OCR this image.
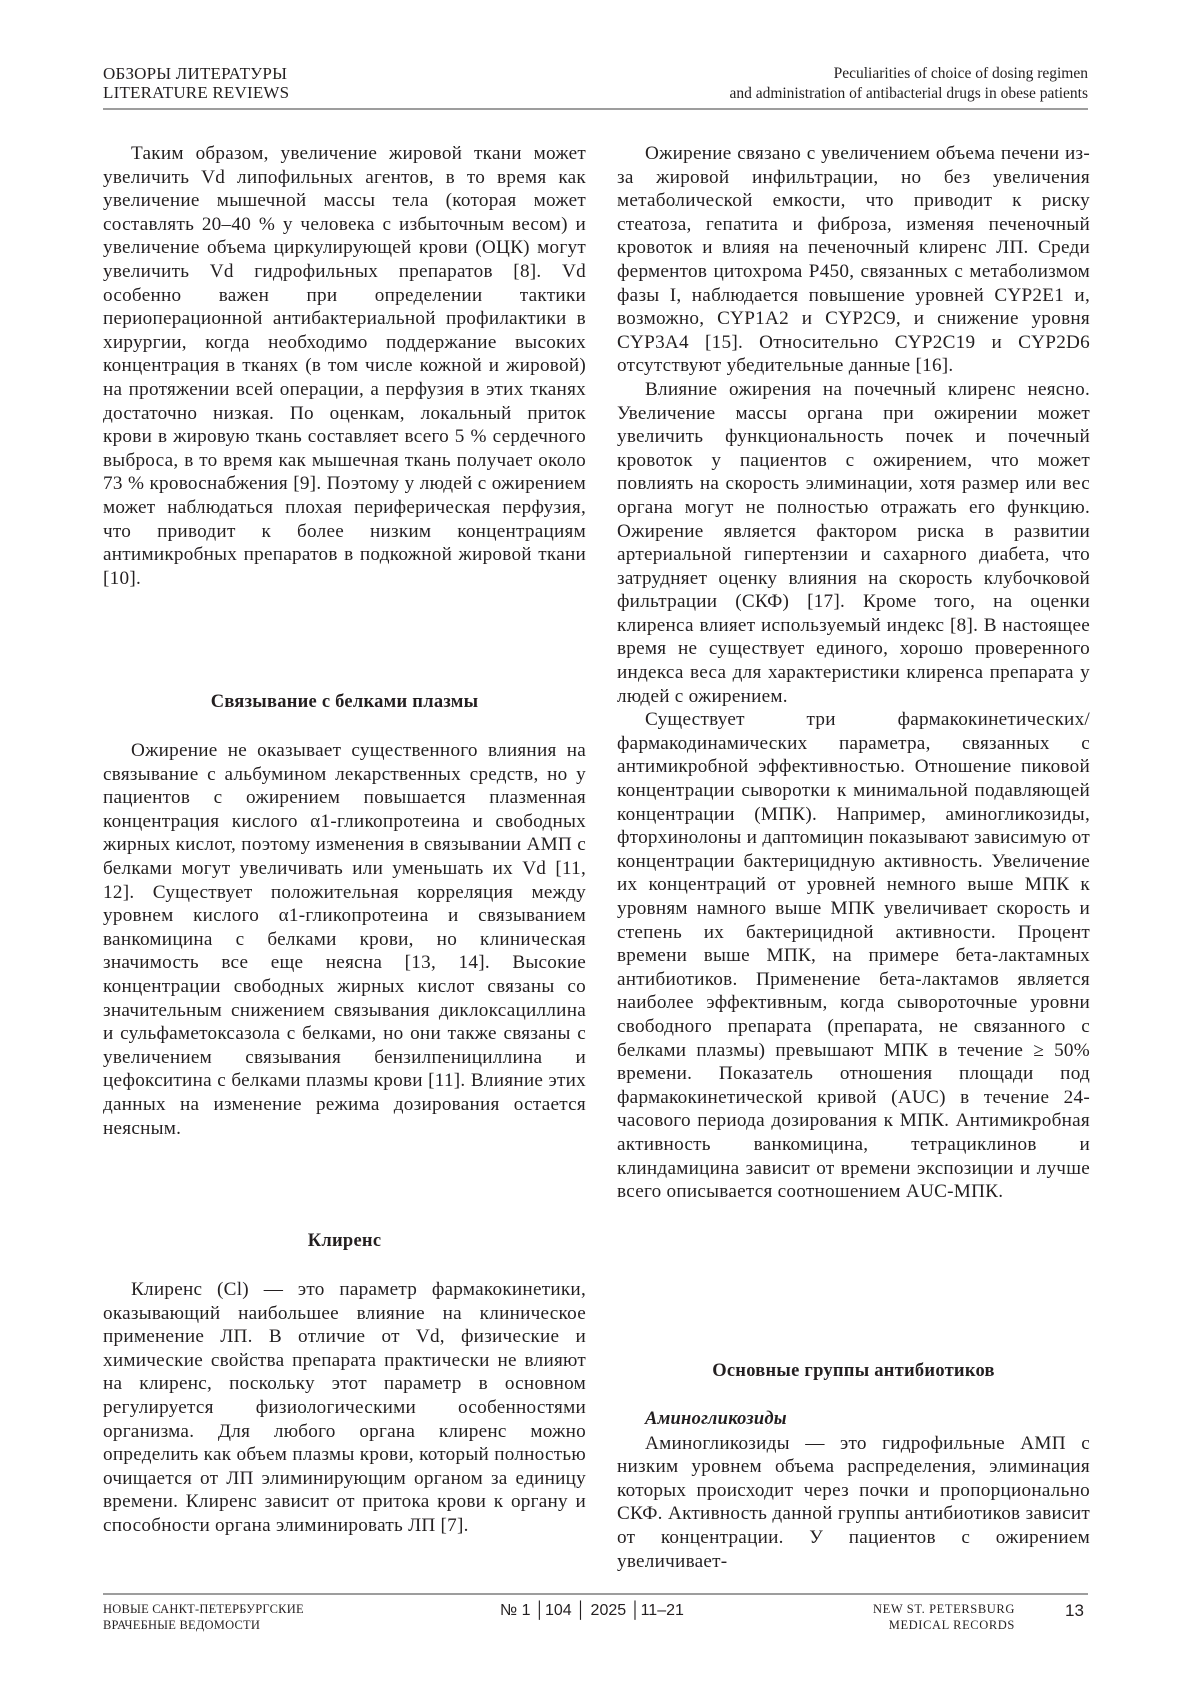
ОБЗОРЫ ЛИТЕРАТУРЫ
LITERATURE REVIEWS
Peculiarities of choice of dosing regimen
and administration of antibacterial drugs in obese patients

Таким образом, увеличение жировой ткани может увеличить Vd липофильных агентов, в то время как увеличение мышечной массы тела (которая может составлять 20–40 % у человека с избыточным весом) и увеличение объема циркулирующей крови (ОЦК) могут увеличить Vd гидрофильных препаратов [8]. Vd особенно важен при определении тактики периоперационной антибактериальной профилактики в хирургии, когда необходимо поддержание высоких концентрация в тканях (в том числе кожной и жировой) на протяжении всей операции, а перфузия в этих тканях достаточно низкая. По оценкам, локальный приток крови в жировую ткань составляет всего 5 % сердечного выброса, в то время как мышечная ткань получает около 73 % кровоснабжения [9]. Поэтому у людей с ожирением может наблюдаться плохая периферическая перфузия, что приводит к более низким концентрациям антимикробных препаратов в подкожной жировой ткани [10].

Связывание с белками плазмы

Ожирение не оказывает существенного влияния на связывание с альбумином лекарственных средств, но у пациентов с ожирением повышается плазменная концентрация кислого α1-гликопротеина и свободных жирных кислот, поэтому изменения в связывании АМП с белками могут увеличивать или уменьшать их Vd [11, 12]. Существует положительная корреляция между уровнем кислого α1-гликопротеина и связыванием ванкомицина с белками крови, но клиническая значимость все еще неясна [13, 14]. Высокие концентрации свободных жирных кислот связаны со значительным снижением связывания диклоксациллина и сульфаметоксазола с белками, но они также связаны с увеличением связывания бензилпенициллина и цефокситина с белками плазмы крови [11]. Влияние этих данных на изменение режима дозирования остается неясным.

Клиренс

Клиренс (Cl) — это параметр фармакокинетики, оказывающий наибольшее влияние на клиническое применение ЛП. В отличие от Vd, физические и химические свойства препарата практически не влияют на клиренс, поскольку этот параметр в основном регулируется физиологическими особенностями организма. Для любого органа клиренс можно определить как объем плазмы крови, который полностью очищается от ЛП элиминирующим органом за единицу времени. Клиренс зависит от притока крови к органу и способности органа элиминировать ЛП [7].

Ожирение связано с увеличением объема печени из-за жировой инфильтрации, но без увеличения метаболической емкости, что приводит к риску стеатоза, гепатита и фиброза, изменяя печеночный кровоток и влияя на печеночный клиренс ЛП. Среди ферментов цитохрома P450, связанных с метаболизмом фазы I, наблюдается повышение уровней CYP2E1 и, возможно, CYP1A2 и CYP2C9, и снижение уровня CYP3A4 [15]. Относительно CYP2C19 и CYP2D6 отсутствуют убедительные данные [16].

Влияние ожирения на почечный клиренс неясно. Увеличение массы органа при ожирении может увеличить функциональность почек и почечный кровоток у пациентов с ожирением, что может повлиять на скорость элиминации, хотя размер или вес органа могут не полностью отражать его функцию. Ожирение является фактором риска в развитии артериальной гипертензии и сахарного диабета, что затрудняет оценку влияния на скорость клубочковой фильтрации (СКФ) [17]. Кроме того, на оценки клиренса влияет используемый индекс [8]. В настоящее время не существует единого, хорошо проверенного индекса веса для характеристики клиренса препарата у людей с ожирением.

Существует три фармакокинетических/фармакодинамических параметра, связанных с антимикробной эффективностью. Отношение пиковой концентрации сыворотки к минимальной подавляющей концентрации (МПК). Например, аминогликозиды, фторхинолоны и даптомицин показывают зависимую от концентрации бактерицидную активность. Увеличение их концентраций от уровней немного выше МПК к уровням намного выше МПК увеличивает скорость и степень их бактерицидной активности. Процент времени выше МПК, на примере бета-лактамных антибиотиков. Применение бета-лактамов является наиболее эффективным, когда сывороточные уровни свободного препарата (препарата, не связанного с белками плазмы) превышают МПК в течение ≥ 50% времени. Показатель отношения площади под фармакокинетической кривой (AUC) в течение 24-часового периода дозирования к МПК. Антимикробная активность ванкомицина, тетрациклинов и клиндамицина зависит от времени экспозиции и лучше всего описывается соотношением AUC-МПК.

Основные группы антибиотиков
Аминогликозиды

Аминогликозиды — это гидрофильные АМП с низким уровнем объема распределения, элиминация которых происходит через почки и пропорционально СКФ. Активность данной группы антибиотиков зависит от концентрации. У пациентов с ожирением увеличивает-

НОВЫЕ САНКТ-ПЕТЕРБУРГСКИЕ
ВРАЧЕБНЫЕ ВЕДОМОСТИ
№ 1 │104 │ 2025 │11–21	NEW ST. PETERSBURG
MEDICAL RECORDS
13
